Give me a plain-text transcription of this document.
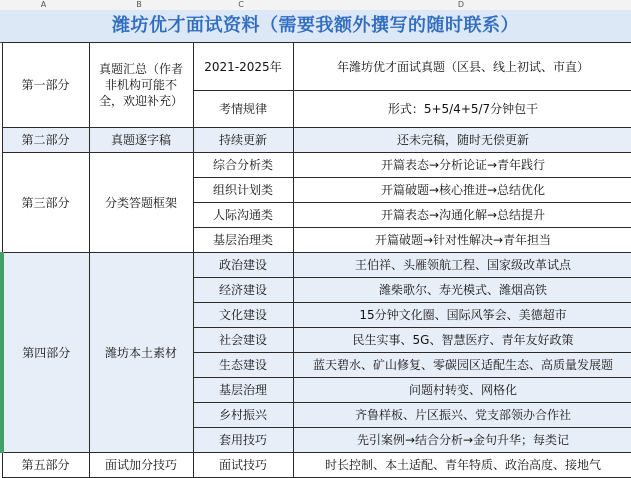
A	B	C	D
潍坊优才面试资料（需要我额外撰写的随时联系）
第一部分	真题汇总（作者非机构可能不全，欢迎补充）	2021-2025年	年潍坊优才面试真题（区县、线上初试、市直）
		考情规律	形式：5+5/4+5/7分钟包干
第二部分	真题逐字稿	持续更新	还未完稿，随时无偿更新
第三部分	分类答题框架	综合分析类	开篇表态→分析论证→青年践行
		组织计划类	开篇破题→核心推进→总结优化
		人际沟通类	开篇表态→沟通化解→总结提升
		基层治理类	开篇破题→针对性解决→青年担当
第四部分	潍坊本土素材	政治建设	王伯祥、头雁领航工程、国家级改革试点
		经济建设	潍柴歌尔、寿光模式、潍烟高铁
		文化建设	15分钟文化圈、国际风筝会、美德超市
		社会建设	民生实事、5G、智慧医疗、青年友好政策
		生态建设	蓝天碧水、矿山修复、零碳园区适配生态、高质量发展题
		基层治理	问题村转变、网格化
		乡村振兴	齐鲁样板、片区振兴、党支部领办合作社
		套用技巧	先引案例→结合分析→金句升华；每类记
第五部分	面试加分技巧	面试技巧	时长控制、本土适配、青年特质、政治高度、接地气
